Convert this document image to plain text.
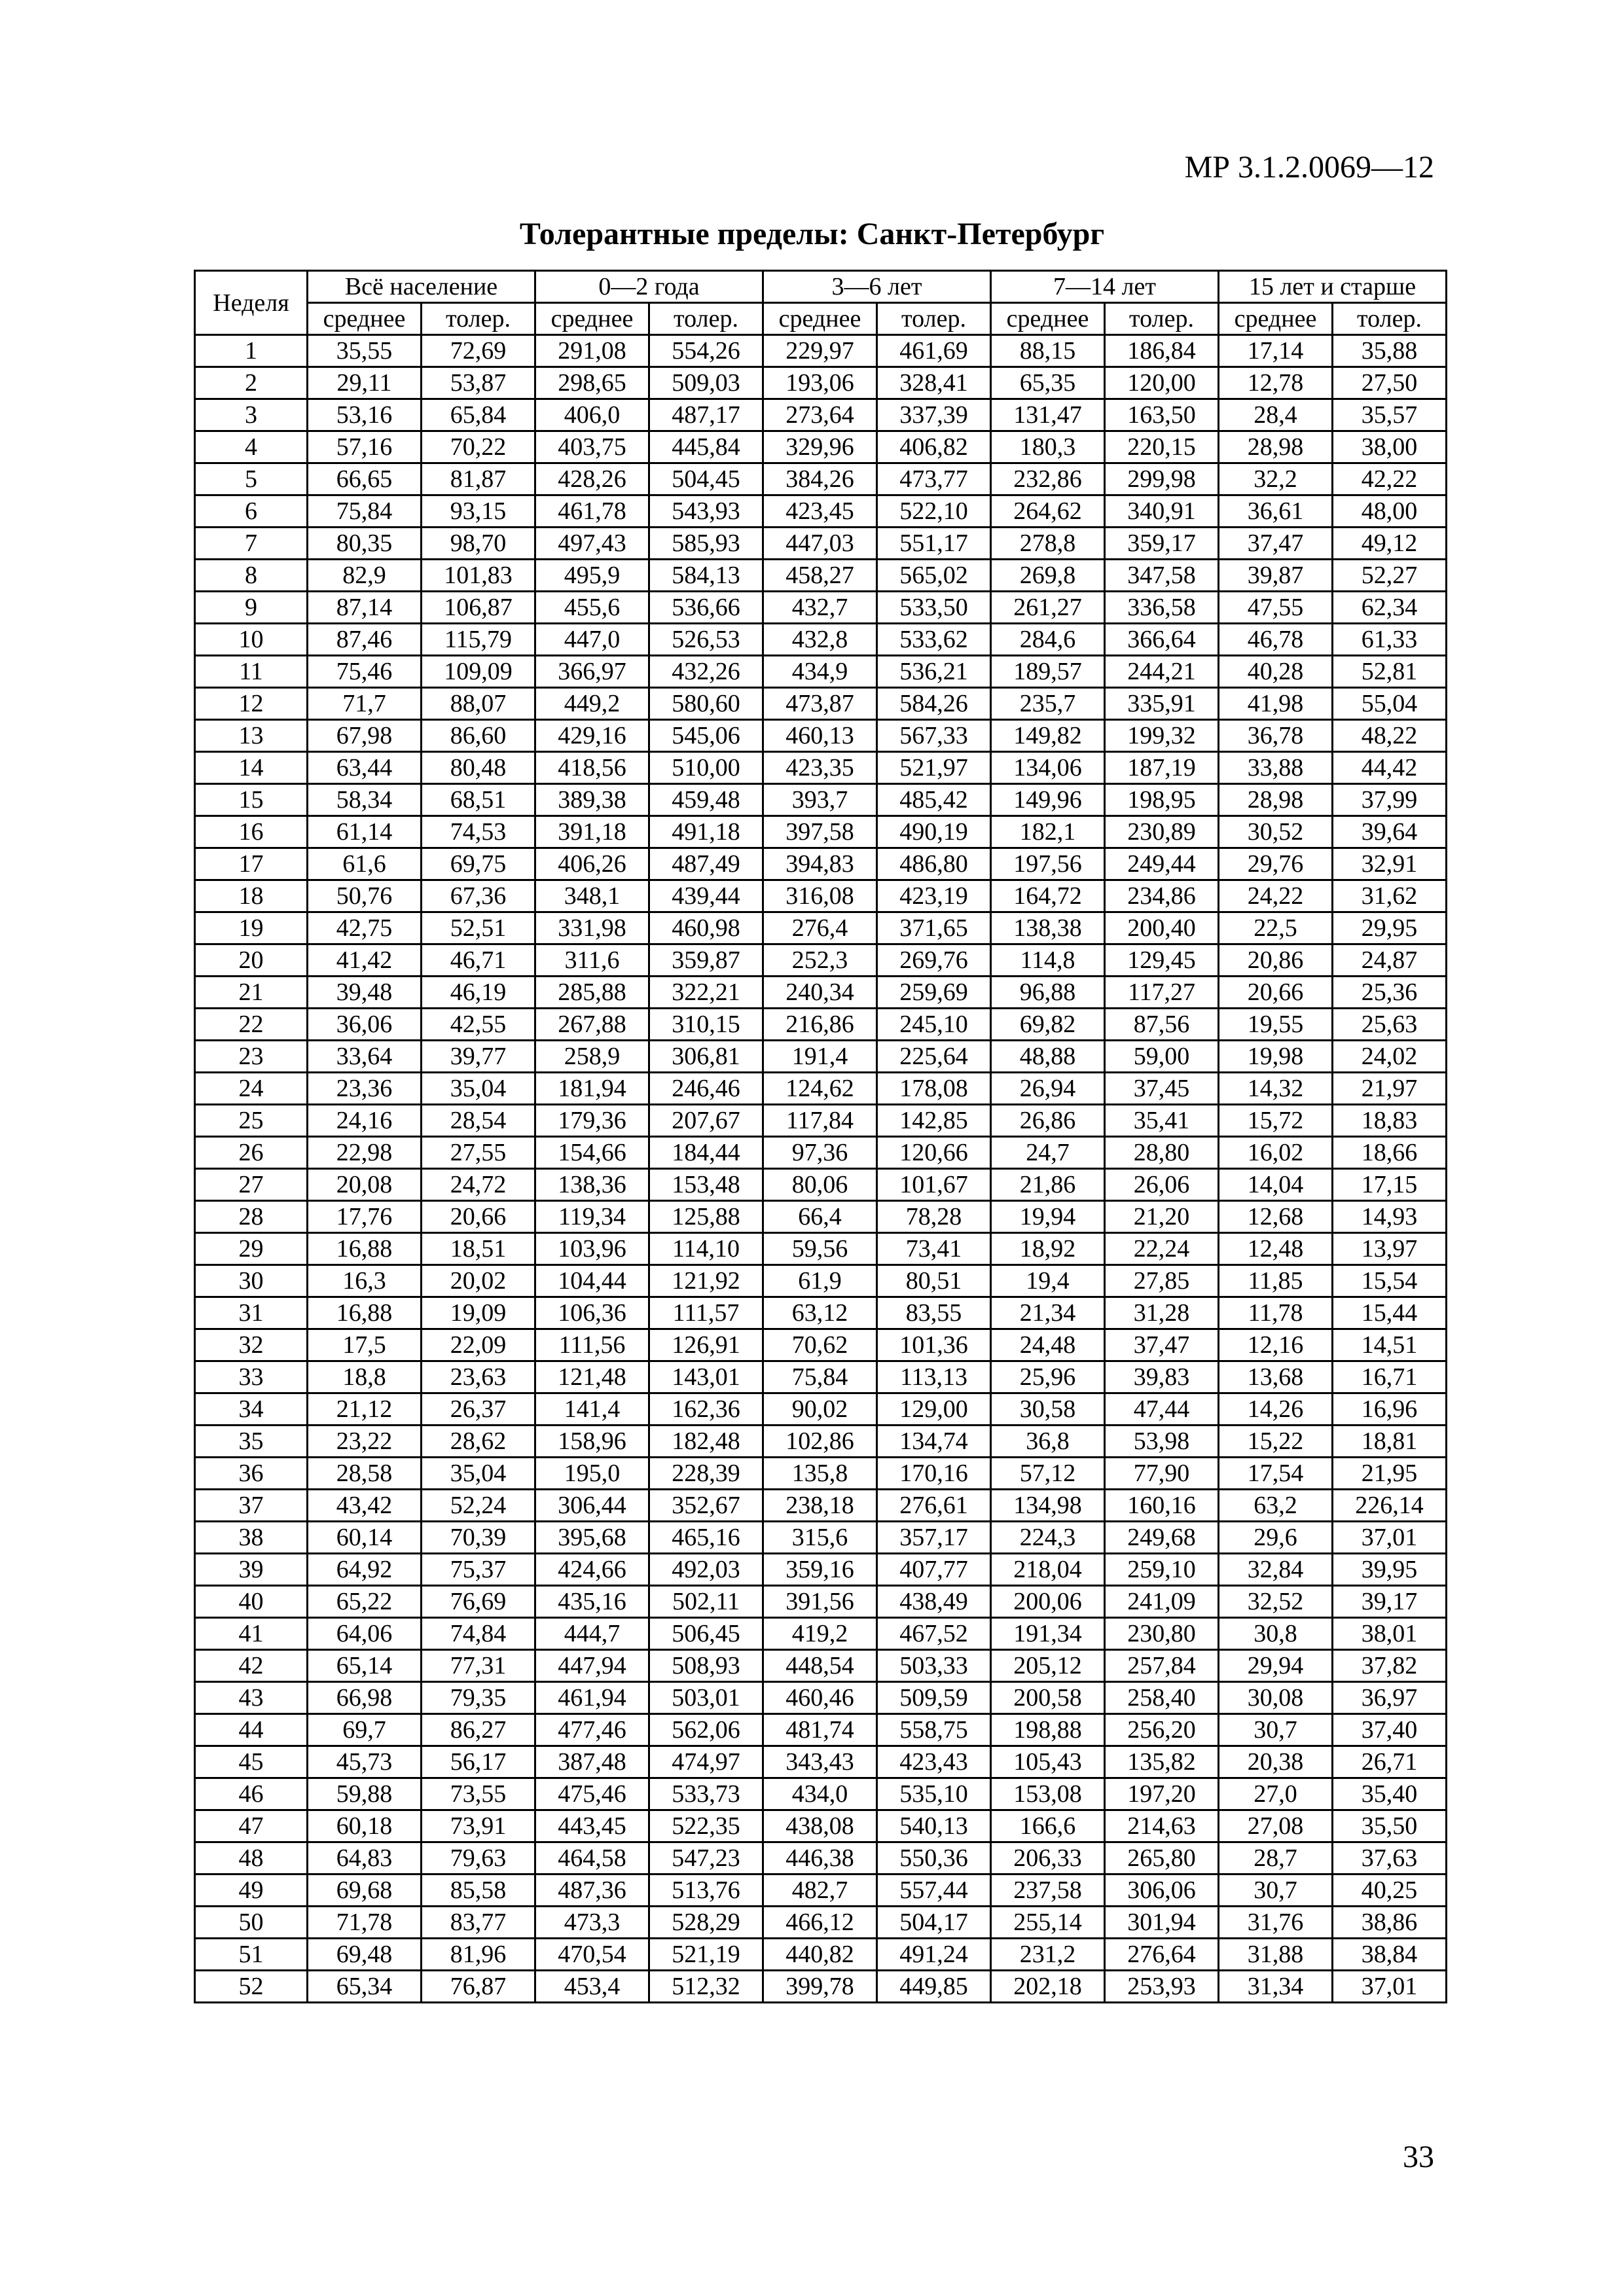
МР 3.1.2.0069—12
Толерантные пределы: Санкт-Петербург
Неделя	Всё население		0—2 года		3—6 лет		7—14 лет		15 лет и старше	
	среднее	толер.	среднее	толер.	среднее	толер.	среднее	толер.	среднее	толер.
1	35,55	72,69	291,08	554,26	229,97	461,69	88,15	186,84	17,14	35,88
2	29,11	53,87	298,65	509,03	193,06	328,41	65,35	120,00	12,78	27,50
3	53,16	65,84	406,0	487,17	273,64	337,39	131,47	163,50	28,4	35,57
4	57,16	70,22	403,75	445,84	329,96	406,82	180,3	220,15	28,98	38,00
5	66,65	81,87	428,26	504,45	384,26	473,77	232,86	299,98	32,2	42,22
6	75,84	93,15	461,78	543,93	423,45	522,10	264,62	340,91	36,61	48,00
7	80,35	98,70	497,43	585,93	447,03	551,17	278,8	359,17	37,47	49,12
8	82,9	101,83	495,9	584,13	458,27	565,02	269,8	347,58	39,87	52,27
9	87,14	106,87	455,6	536,66	432,7	533,50	261,27	336,58	47,55	62,34
10	87,46	115,79	447,0	526,53	432,8	533,62	284,6	366,64	46,78	61,33
11	75,46	109,09	366,97	432,26	434,9	536,21	189,57	244,21	40,28	52,81
12	71,7	88,07	449,2	580,60	473,87	584,26	235,7	335,91	41,98	55,04
13	67,98	86,60	429,16	545,06	460,13	567,33	149,82	199,32	36,78	48,22
14	63,44	80,48	418,56	510,00	423,35	521,97	134,06	187,19	33,88	44,42
15	58,34	68,51	389,38	459,48	393,7	485,42	149,96	198,95	28,98	37,99
16	61,14	74,53	391,18	491,18	397,58	490,19	182,1	230,89	30,52	39,64
17	61,6	69,75	406,26	487,49	394,83	486,80	197,56	249,44	29,76	32,91
18	50,76	67,36	348,1	439,44	316,08	423,19	164,72	234,86	24,22	31,62
19	42,75	52,51	331,98	460,98	276,4	371,65	138,38	200,40	22,5	29,95
20	41,42	46,71	311,6	359,87	252,3	269,76	114,8	129,45	20,86	24,87
21	39,48	46,19	285,88	322,21	240,34	259,69	96,88	117,27	20,66	25,36
22	36,06	42,55	267,88	310,15	216,86	245,10	69,82	87,56	19,55	25,63
23	33,64	39,77	258,9	306,81	191,4	225,64	48,88	59,00	19,98	24,02
24	23,36	35,04	181,94	246,46	124,62	178,08	26,94	37,45	14,32	21,97
25	24,16	28,54	179,36	207,67	117,84	142,85	26,86	35,41	15,72	18,83
26	22,98	27,55	154,66	184,44	97,36	120,66	24,7	28,80	16,02	18,66
27	20,08	24,72	138,36	153,48	80,06	101,67	21,86	26,06	14,04	17,15
28	17,76	20,66	119,34	125,88	66,4	78,28	19,94	21,20	12,68	14,93
29	16,88	18,51	103,96	114,10	59,56	73,41	18,92	22,24	12,48	13,97
30	16,3	20,02	104,44	121,92	61,9	80,51	19,4	27,85	11,85	15,54
31	16,88	19,09	106,36	111,57	63,12	83,55	21,34	31,28	11,78	15,44
32	17,5	22,09	111,56	126,91	70,62	101,36	24,48	37,47	12,16	14,51
33	18,8	23,63	121,48	143,01	75,84	113,13	25,96	39,83	13,68	16,71
34	21,12	26,37	141,4	162,36	90,02	129,00	30,58	47,44	14,26	16,96
35	23,22	28,62	158,96	182,48	102,86	134,74	36,8	53,98	15,22	18,81
36	28,58	35,04	195,0	228,39	135,8	170,16	57,12	77,90	17,54	21,95
37	43,42	52,24	306,44	352,67	238,18	276,61	134,98	160,16	63,2	226,14
38	60,14	70,39	395,68	465,16	315,6	357,17	224,3	249,68	29,6	37,01
39	64,92	75,37	424,66	492,03	359,16	407,77	218,04	259,10	32,84	39,95
40	65,22	76,69	435,16	502,11	391,56	438,49	200,06	241,09	32,52	39,17
41	64,06	74,84	444,7	506,45	419,2	467,52	191,34	230,80	30,8	38,01
42	65,14	77,31	447,94	508,93	448,54	503,33	205,12	257,84	29,94	37,82
43	66,98	79,35	461,94	503,01	460,46	509,59	200,58	258,40	30,08	36,97
44	69,7	86,27	477,46	562,06	481,74	558,75	198,88	256,20	30,7	37,40
45	45,73	56,17	387,48	474,97	343,43	423,43	105,43	135,82	20,38	26,71
46	59,88	73,55	475,46	533,73	434,0	535,10	153,08	197,20	27,0	35,40
47	60,18	73,91	443,45	522,35	438,08	540,13	166,6	214,63	27,08	35,50
48	64,83	79,63	464,58	547,23	446,38	550,36	206,33	265,80	28,7	37,63
49	69,68	85,58	487,36	513,76	482,7	557,44	237,58	306,06	30,7	40,25
50	71,78	83,77	473,3	528,29	466,12	504,17	255,14	301,94	31,76	38,86
51	69,48	81,96	470,54	521,19	440,82	491,24	231,2	276,64	31,88	38,84
52	65,34	76,87	453,4	512,32	399,78	449,85	202,18	253,93	31,34	37,01
33
